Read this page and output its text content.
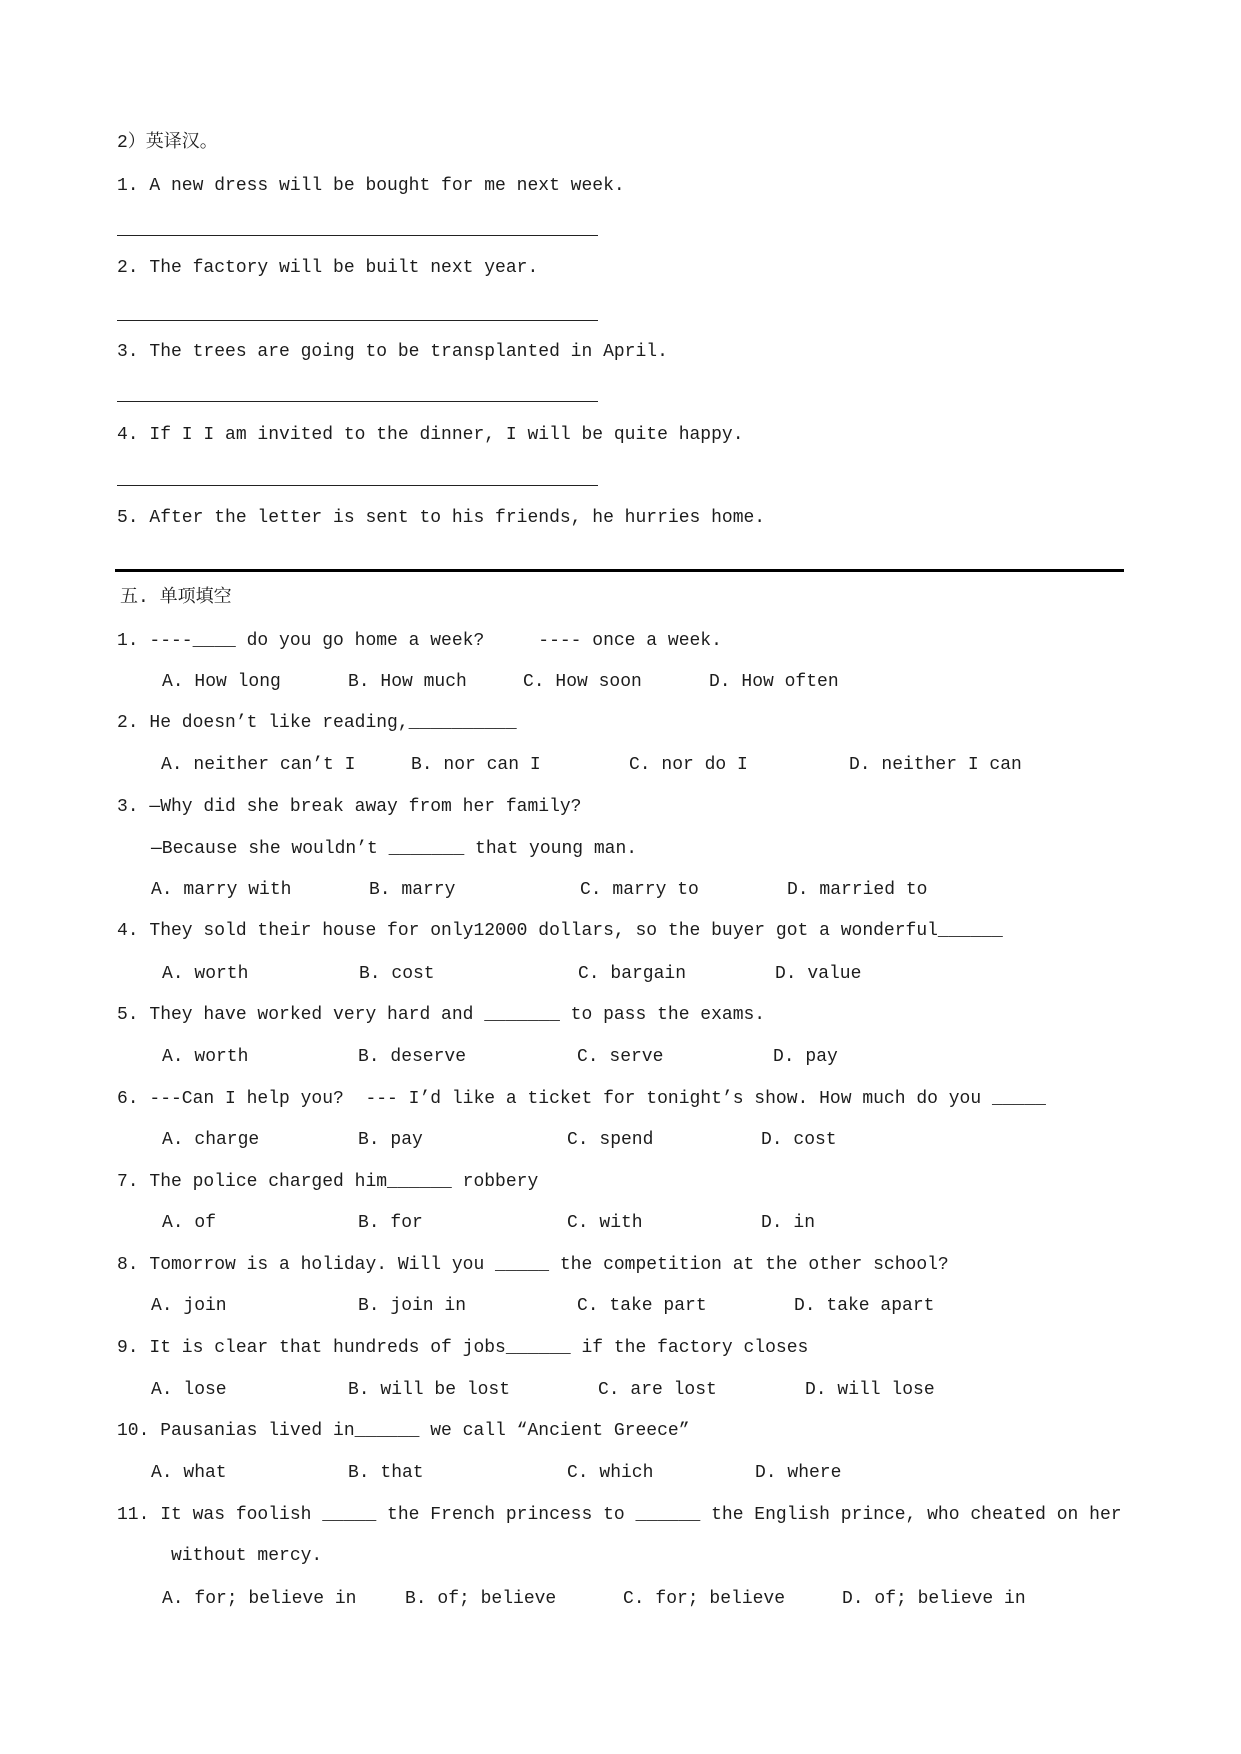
2）英译汉。
1. A new dress will be bought for me next week.
2. The factory will be built next year.
3. The trees are going to be transplanted in April.
4. If I I am invited to the dinner, I will be quite happy.
5. After the letter is sent to his friends, he hurries home.
五. 单项填空
1. ----____ do you go home a week?     ---- once a week.
A. How long	B. How much	C. How soon	D. How often
2. He doesn’t like reading,__________
A. neither can’t I	B. nor can I	C. nor do I	D. neither I can
3. —Why did she break away from her family?
—Because she wouldn’t _______ that young man.
A. marry with	B. marry	C. marry to	D. married to
4. They sold their house for only12000 dollars, so the buyer got a wonderful______
A. worth	B. cost	C. bargain	D. value
5. They have worked very hard and _______ to pass the exams.
A. worth	B. deserve	C. serve	D. pay
6. ---Can I help you?  --- I’d like a ticket for tonight’s show. How much do you _____
A. charge	B. pay	C. spend	D. cost
7. The police charged him______ robbery
A. of	B. for	C. with	D. in
8. Tomorrow is a holiday. Will you _____ the competition at the other school?
A. join	B. join in	C. take part	D. take apart
9. It is clear that hundreds of jobs______ if the factory closes
A. lose	B. will be lost	C. are lost	D. will lose
10. Pausanias lived in______ we call “Ancient Greece”
A. what	B. that	C. which	D. where
11. It was foolish _____ the French princess to ______ the English prince, who cheated on her
without mercy.
A. for; believe in	B. of; believe	C. for; believe	D. of; believe in
